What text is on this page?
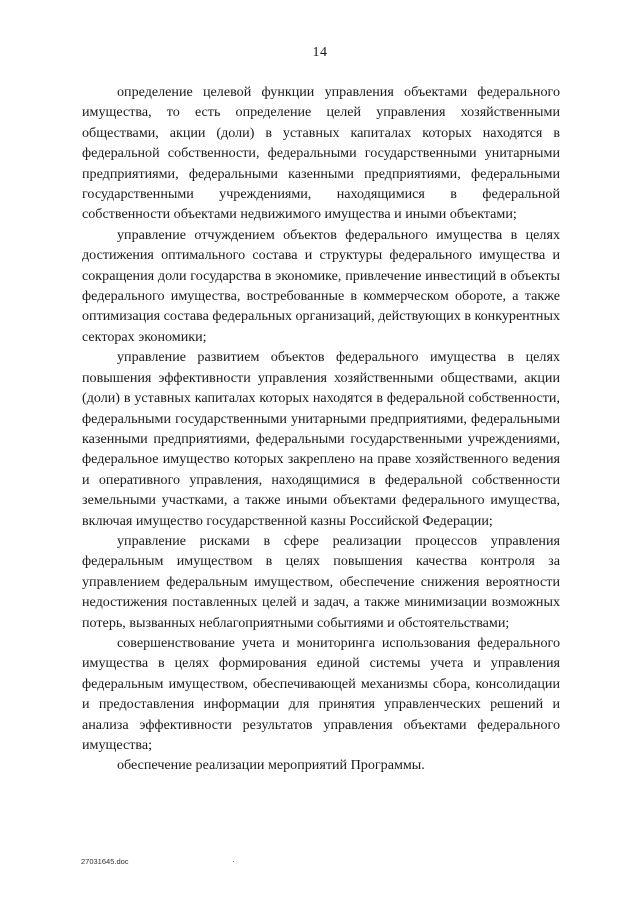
14

определение целевой функции управления объектами федерального имущества, то есть определение целей управления хозяйственными обществами, акции (доли) в уставных капиталах которых находятся в федеральной собственности, федеральными государственными унитарными предприятиями, федеральными казенными предприятиями, федеральными государственными учреждениями, находящимися в федеральной собственности объектами недвижимого имущества и иными объектами;

управление отчуждением объектов федерального имущества в целях достижения оптимального состава и структуры федерального имущества и сокращения доли государства в экономике, привлечение инвестиций в объекты федерального имущества, востребованные в коммерческом обороте, а также оптимизация состава федеральных организаций, действующих в конкурентных секторах экономики;

управление развитием объектов федерального имущества в целях повышения эффективности управления хозяйственными обществами, акции (доли) в уставных капиталах которых находятся в федеральной собственности, федеральными государственными унитарными предприятиями, федеральными казенными предприятиями, федеральными государственными учреждениями, федеральное имущество которых закреплено на праве хозяйственного ведения и оперативного управления, находящимися в федеральной собственности земельными участками, а также иными объектами федерального имущества, включая имущество государственной казны Российской Федерации;

управление рисками в сфере реализации процессов управления федеральным имуществом в целях повышения качества контроля за управлением федеральным имуществом, обеспечение снижения вероятности недостижения поставленных целей и задач, а также минимизации возможных потерь, вызванных неблагоприятными событиями и обстоятельствами;

совершенствование учета и мониторинга использования федерального имущества в целях формирования единой системы учета и управления федеральным имуществом, обеспечивающей механизмы сбора, консолидации и предоставления информации для принятия управленческих решений и анализа эффективности результатов управления объектами федерального имущества;

обеспечение реализации мероприятий Программы.

27031645.doc
